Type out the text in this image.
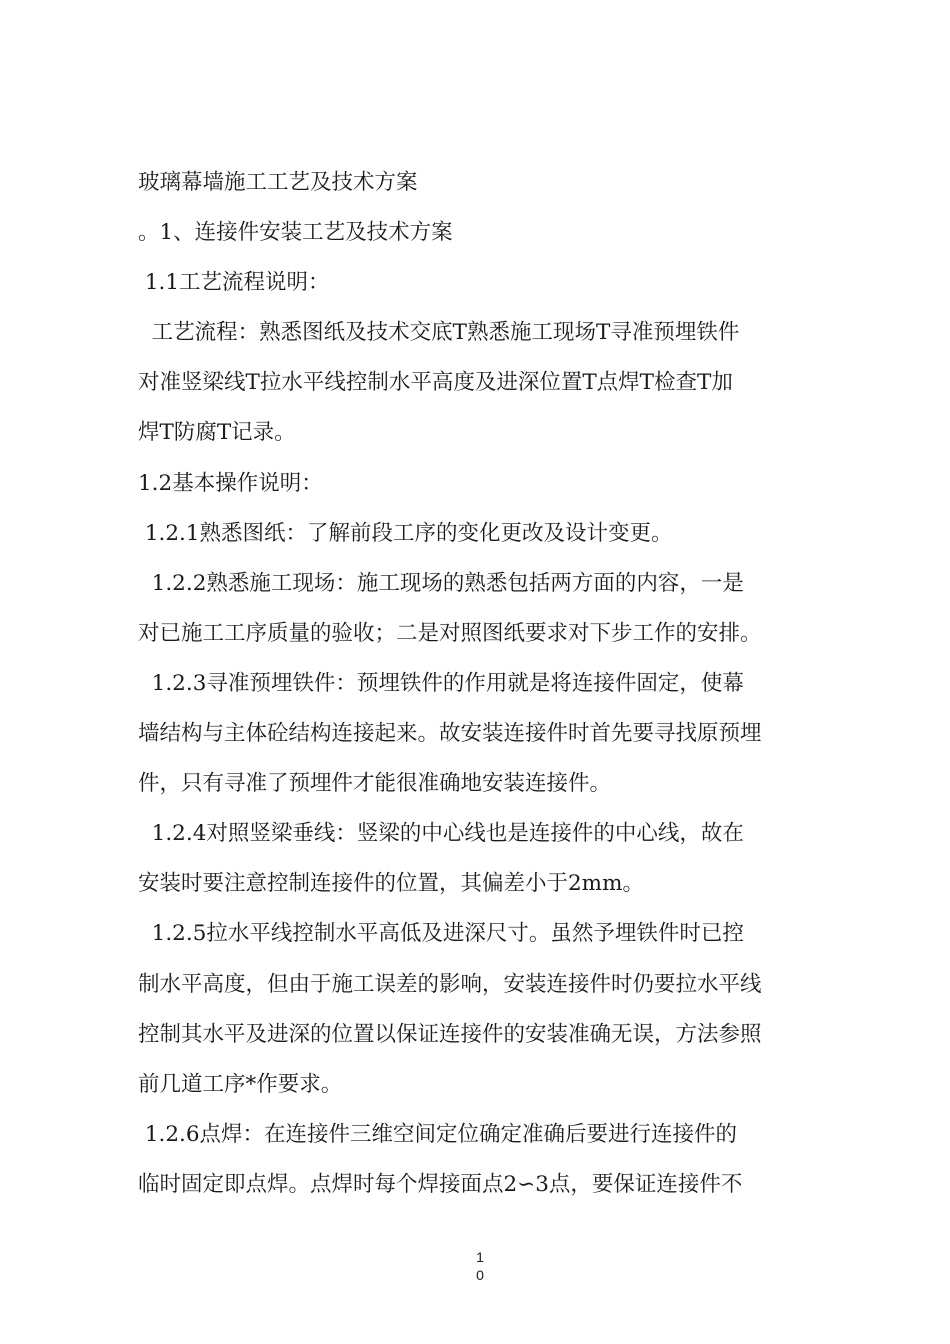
玻璃幕墙施工工艺及技术方案
。1、连接件安装工艺及技术方案
1.1工艺流程说明：
工艺流程：熟悉图纸及技术交底T熟悉施工现场T寻准预埋铁件
对准竖梁线T拉水平线控制水平高度及进深位置T点焊T检查T加
焊T防腐T记录。
1.2基本操作说明：
1.2.1熟悉图纸：了解前段工序的变化更改及设计变更。
1.2.2熟悉施工现场：施工现场的熟悉包括两方面的内容，一是
对已施工工序质量的验收；二是对照图纸要求对下步工作的安排。
1.2.3寻准预埋铁件：预埋铁件的作用就是将连接件固定，使幕
墙结构与主体砼结构连接起来。故安装连接件时首先要寻找原预埋
件，只有寻准了预埋件才能很准确地安装连接件。
1.2.4对照竖梁垂线：竖梁的中心线也是连接件的中心线，故在
安装时要注意控制连接件的位置，其偏差小于2mm。
1.2.5拉水平线控制水平高低及进深尺寸。虽然予埋铁件时已控
制水平高度，但由于施工误差的影响，安装连接件时仍要拉水平线
控制其水平及进深的位置以保证连接件的安装准确无误，方法参照
前几道工序*作要求。
1.2.6点焊：在连接件三维空间定位确定准确后要进行连接件的
临时固定即点焊。点焊时每个焊接面点2∽3点，要保证连接件不
1
0
